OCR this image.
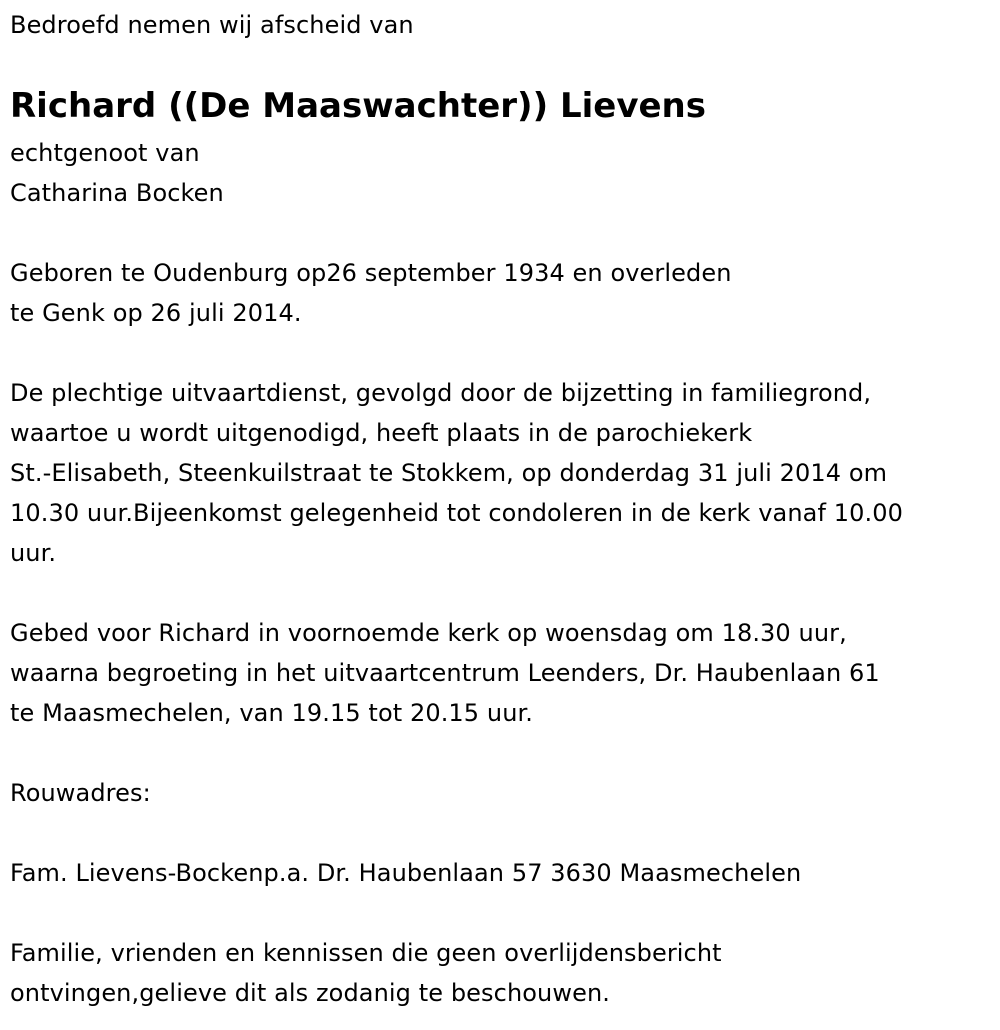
Bedroefd nemen wij afscheid van
Richard ((De Maaswachter)) Lievens
echtgenoot van
Catharina Bocken
Geboren te Oudenburg op26 september 1934 en overleden
te Genk op 26 juli 2014.
De plechtige uitvaartdienst, gevolgd door de bijzetting in familiegrond,
waartoe u wordt uitgenodigd, heeft plaats in de parochiekerk
St.-Elisabeth, Steenkuilstraat te Stokkem, op donderdag 31 juli 2014 om
10.30 uur.Bijeenkomst gelegenheid tot condoleren in de kerk vanaf 10.00
uur.
Gebed voor Richard in voornoemde kerk op woensdag om 18.30 uur,
waarna begroeting in het uitvaartcentrum Leenders, Dr. Haubenlaan 61
te Maasmechelen, van 19.15 tot 20.15 uur.
Rouwadres:
Fam. Lievens-Bockenp.a. Dr. Haubenlaan 57 3630 Maasmechelen
Familie, vrienden en kennissen die geen overlijdensbericht
ontvingen,gelieve dit als zodanig te beschouwen.
